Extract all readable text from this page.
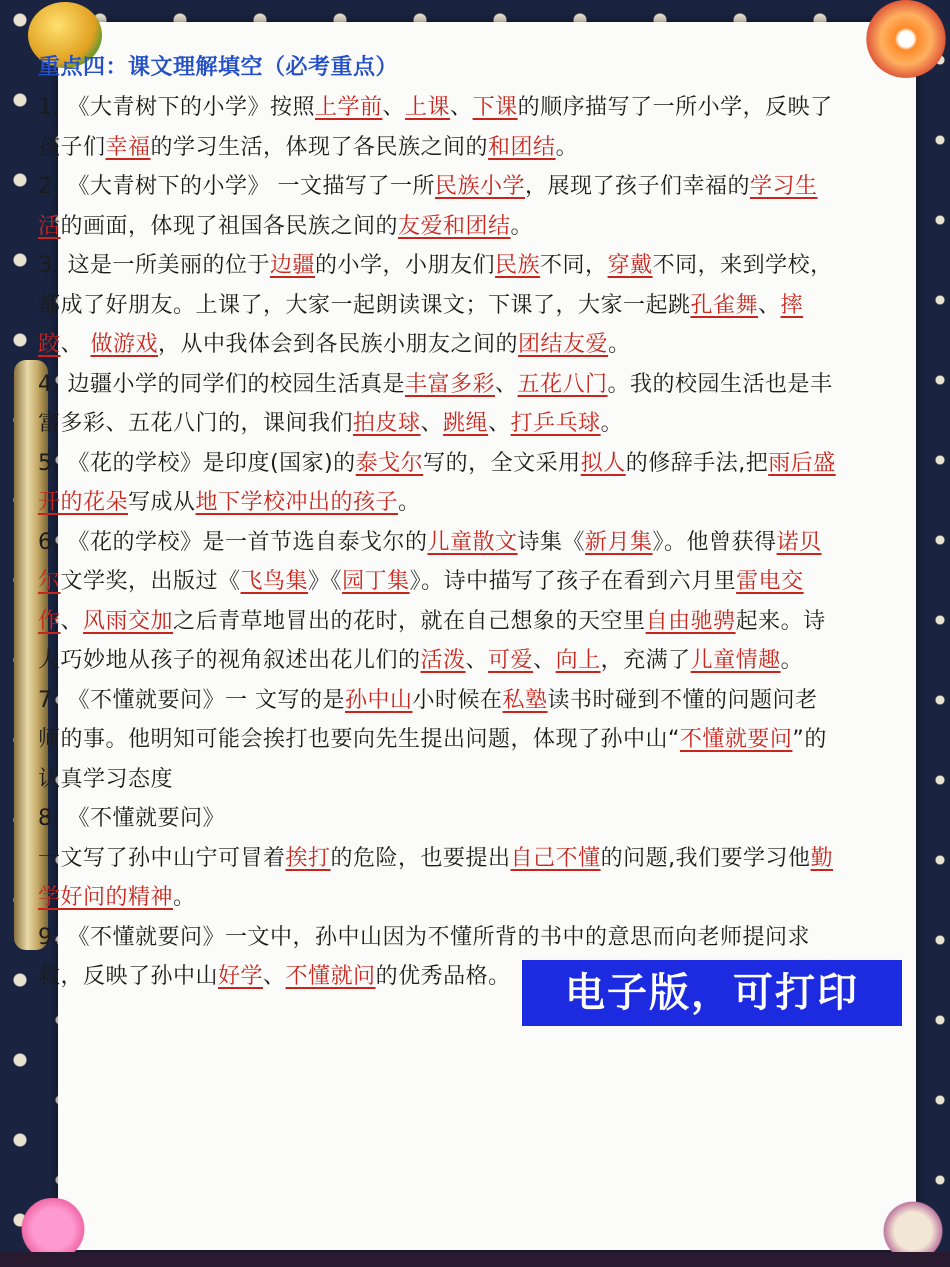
重点四：课文理解填空（必考重点）

1. 《大青树下的小学》按照上学前、上课、下课的顺序描写了一所小学，反映了孩子们幸福的学习生活，体现了各民族之间的和团结。

2. 《大青树下的小学》 一文描写了一所民族小学，展现了孩子们幸福的学习生活的画面，体现了祖国各民族之间的友爱和团结。

3. 这是一所美丽的位于边疆的小学，小朋友们民族不同，穿戴不同，来到学校，都成了好朋友。上课了，大家一起朗读课文；下课了，大家一起跳孔雀舞、摔跤、 做游戏，从中我体会到各民族小朋友之间的团结友爱。

4. 边疆小学的同学们的校园生活真是丰富多彩、五花八门。我的校园生活也是丰富多彩、五花八门的，课间我们拍皮球、跳绳、打乒乓球。

5. 《花的学校》是印度(国家)的泰戈尔写的，全文采用拟人的修辞手法,把雨后盛开的花朵写成从地下学校冲出的孩子。

6. 《花的学校》是一首节选自泰戈尔的儿童散文诗集《新月集》。他曾获得诺贝尔文学奖，出版过《飞鸟集》《园丁集》。诗中描写了孩子在看到六月里雷电交作、风雨交加之后青草地冒出的花时，就在自己想象的天空里自由驰骋起来。诗人巧妙地从孩子的视角叙述出花儿们的活泼、可爱、向上，充满了儿童情趣。

7. 《不懂就要问》一 文写的是孙中山小时候在私塾读书时碰到不懂的问题问老师的事。他明知可能会挨打也要向先生提出问题，体现了孙中山“不懂就要问”的认真学习态度

8. 《不懂就要问》

一文写了孙中山宁可冒着挨打的危险，也要提出自己不懂的问题,我们要学习他勤学好问的精神。

9. 《不懂就要问》一文中，孙中山因为不懂所背的书中的意思而向老师提问求救，反映了孙中山好学、不懂就问的优秀品格。	电子版，可打印
